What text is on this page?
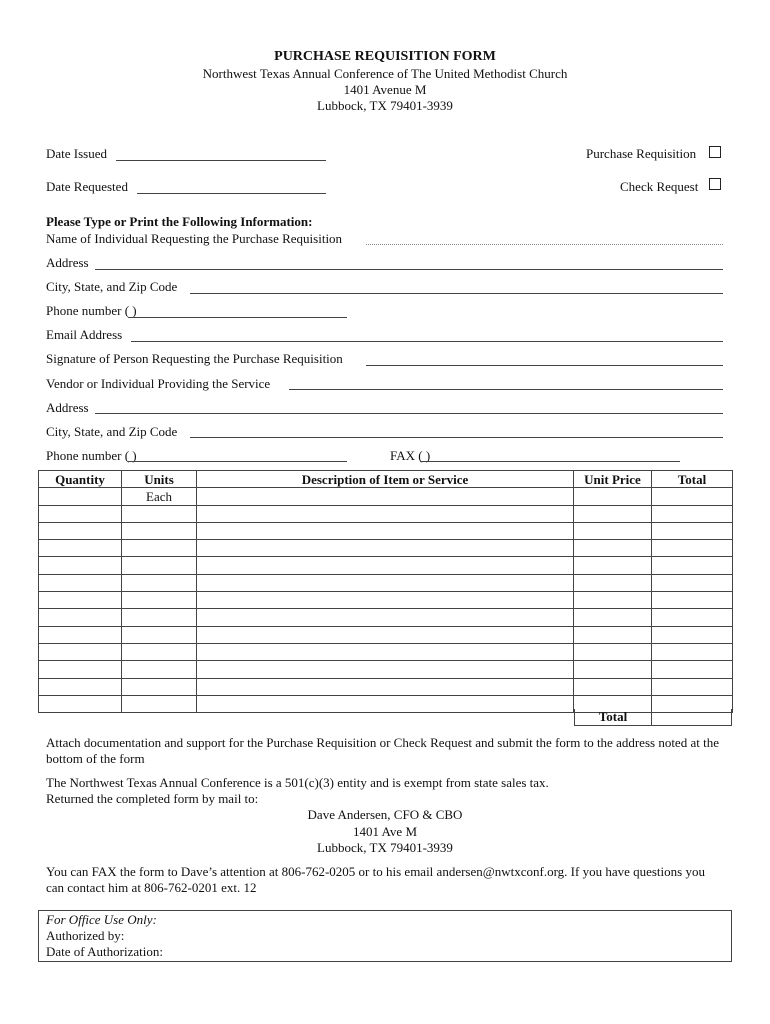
PURCHASE REQUISITION FORM
Northwest Texas Annual Conference of The United Methodist Church
1401 Avenue M
Lubbock, TX 79401-3939
Date Issued
Date Requested
Purchase Requisition
Check Request
Please Type or Print the Following Information:
Name of Individual Requesting the Purchase Requisition
Address
City, State, and Zip Code
Phone number ( )
Email Address
Signature of Person Requesting the Purchase Requisition
Vendor or Individual Providing the Service
Address
City, State, and Zip Code
Phone number ( )	FAX ( )
Quantity	Units	Description of Item or Service	Unit Price	Total
	Each			

Total
Attach documentation and support for the Purchase Requisition or Check Request and submit the form to the address noted at the bottom of the form
The Northwest Texas Annual Conference is a 501(c)(3) entity and is exempt from state sales tax.
Returned the completed form by mail to:
Dave Andersen, CFO & CBO
1401 Ave M
Lubbock, TX 79401-3939
You can FAX the form to Dave’s attention at 806-762-0205 or to his email andersen@nwtxconf.org. If you have questions you can contact him at 806-762-0201 ext. 12
For Office Use Only:
Authorized by:
Date of Authorization:
